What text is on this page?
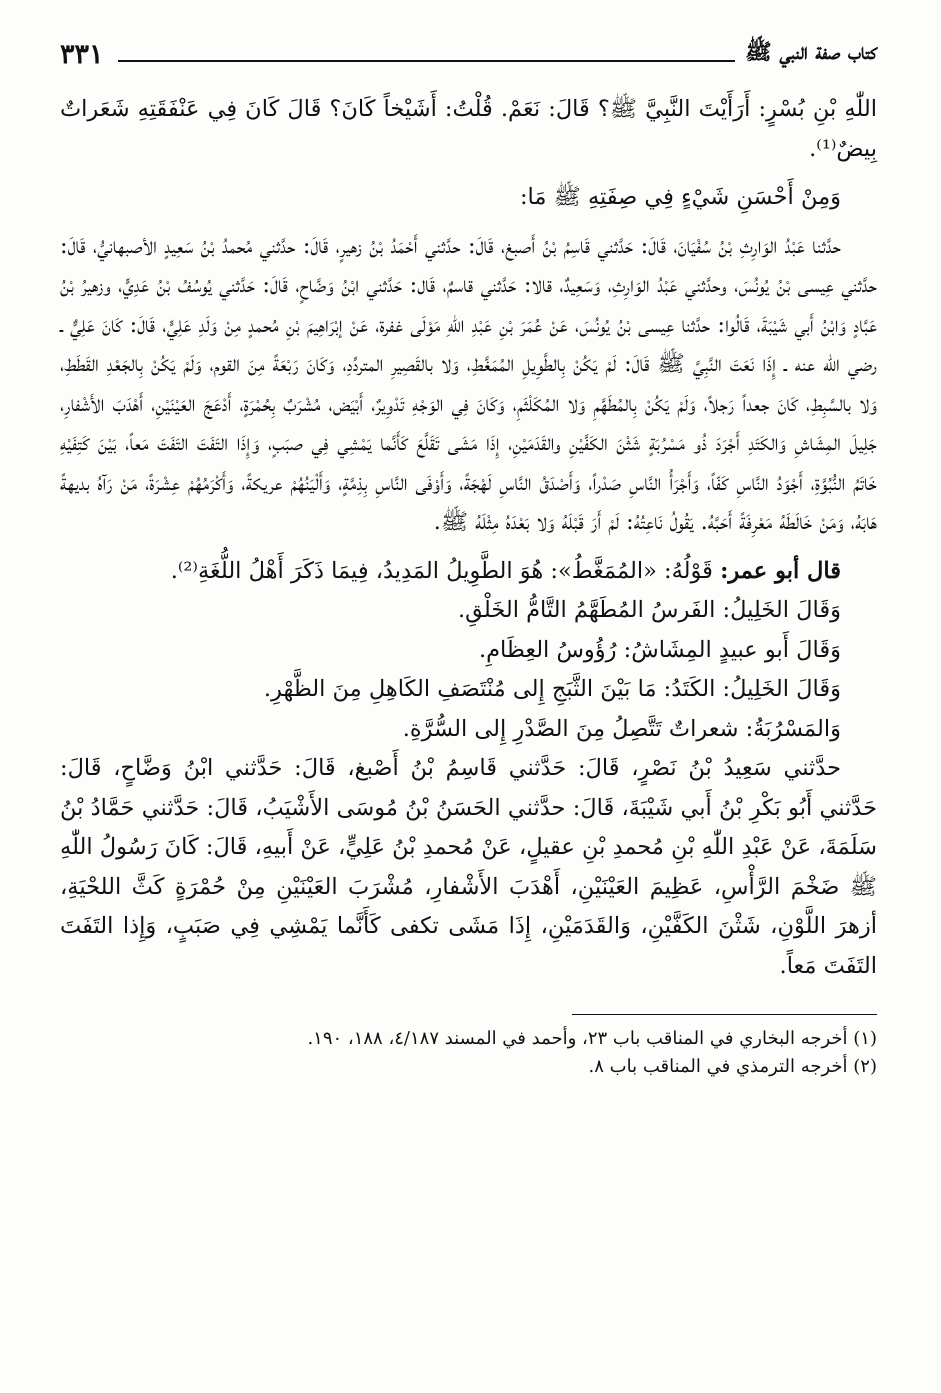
كتاب صفة النبي ﷺ
٣٣١

اللّٰهِ بْنِ بُسْرٍ: أَرَأَيْتَ النَّبِيَّ ﷺ؟ قَالَ: نَعَمْ. قُلْتُ: أَشَيْخاً كَانَ؟ قَالَ كَانَ فِي عَنْفَقَتِهِ شَعَراتٌ بِيضٌ⁽¹⁾.

وَمِنْ أَحْسَنِ شَيْءٍ فِي صِفَتِهِ ﷺ مَا:

حدَّثنا عَبْدُ الوَارِثِ بْنُ سُفْيَانَ، قَالَ: حَدَّثني قَاسِمُ بْنُ أَصبغ، قَالَ: حدَّثني أَحْمَدُ بْنُ زهيرٍ، قَالَ: حدَّثني مُحمدُ بْنُ سَعِيدٍ الأصبهانيُّ، قَالَ: حدَّثني عِيسى بْنُ يُونُسَ، وحدَّثني عَبْدُ الوَارِثِ، وَسَعِيدٌ، قالا: حَدَّثني قاسمٌ، قَال: حَدَّثني ابْنُ وَضَّاحٍ، قَالَ: حَدَّثني يُوسُفُ بْنُ عَدِيٍّ، وزهيرُ بْنُ عَبَّادٍ وَابْنُ أَبي شَيْبَةَ، قَالُوا: حدَّثنا عِيسى بْنُ يُونُسَ، عَنْ عُمَرَ بْنِ عَبْدِ اللّٰهِ مَوْلَى غفرة، عَنْ إبْرَاهِيمَ بْنِ مُحمدٍ مِنْ وَلَدِ عَلِيٍّ، قَالَ: كَانَ عَلِيٌّ ـ رضي الله عنه ـ إِذَا نَعَتَ النَّبِيَّ ﷺ قَالَ: لَمْ يَكُنْ بِالطَّوِيلِ المُمَغَّطِ، وَلا بالقَصِيرِ المتردِّدِ، وَكَانَ رَبْعَةً مِنَ القوم، وَلَمْ يَكُنْ بِالجَعْدِ القَطَطِ، وَلا بالسَّبِطِ، كَانَ جعداً رَجلاً، وَلَمْ يَكُنْ بِالمُطَهَّمِ وَلا المُكَلْثَمِ، وَكَانَ فِي الوَجْهِ تَدْوِيرٌ، أَبْيَض، مُشْرَبٌ بِحُمْرَةٍ، أَدْعَجَ العَيْنَيْنِ، أَهْدَبَ الأَشْفارِ، جَلِيلَ المِشَاشِ وَالكَتَدِ أَجْرَدَ ذُو مَسْرُبَةٍ شَثْنَ الكَفَّيْنِ والقَدَمَيْنِ، إِذَا مَشَى تَقَلَّعَ كَأَنَّما يَمْشِي فِي صبَبٍ، وَإِذَا التَفَتَ التَفَتَ مَعاً، بَيْنَ كَتِفَيْهِ خَاتَمُ النُّبُوَّةِ، أَجْوَدُ النَّاسِ كَفّاً، وَأَجْرَأُ النَّاسِ صَدْراً، وَأَصْدَقُ النَّاسِ لَهْجَةً، وَأَوْفَى النَّاسِ بِذِمَّةٍ، وَأَلْيَنُهُمْ عريكةً، وَأَكْرَمُهُمْ عِشْرَةً، مَنْ رَآهُ بديهةً هَابَهُ، وَمَنْ خَالَطَهُ مَعْرِفَةً أَحَبَّهُ. يَقُولُ نَاعِتُهُ: لَمْ أَرَ قَبْلَهُ وَلا بَعْدَهُ مِثْلَهُ ﷺ.

قال أبو عمر: قَوْلُهُ: «المُمَغَّطُ»: هُوَ الطَّوِيلُ المَدِيدُ، فِيمَا ذَكَرَ أَهْلُ اللُّغَةِ⁽²⁾.

وَقَالَ الخَلِيلُ: الفَرسُ المُطَهَّمُ التَّامُّ الخَلْقِ.

وَقَالَ أَبو عبيدٍ المِشَاشُ: رُؤُوسُ العِظَامِ.

وَقَالَ الخَلِيلُ: الكَتَدُ: مَا بَيْنَ الثَّبَجِ إِلى مُنْتَصَفِ الكَاهِلِ مِنَ الظَّهْرِ.

وَالمَسْرُبَةُ: شعراتٌ تَتَّصِلُ مِنَ الصَّدْرِ إِلى السُّرَّةِ.

حدَّثني سَعِيدُ بْنُ نَصْرٍ، قَالَ: حَدَّثني قَاسِمُ بْنُ أَصْبغ، قَالَ: حَدَّثني ابْنُ وَضَّاحٍ، قَالَ: حَدَّثني أَبُو بَكْرِ بْنُ أَبي شَيْبَةَ، قَالَ: حدَّثني الحَسَنُ بْنُ مُوسَى الأَشْيَبُ، قَالَ: حَدَّثني حَمَّادُ بْنُ سَلَمَةَ، عَنْ عَبْدِ اللّٰهِ بْنِ مُحمدِ بْنِ عقيلٍ، عَنْ مُحمدِ بْنُ عَلِيٍّ، عَنْ أَبيهِ، قَالَ: كَانَ رَسُولُ اللّٰهِ ﷺ ضَخْمَ الرَّأْسِ، عَظِيمَ العَيْنَيْنِ، أَهْدَبَ الأَشْفارِ، مُشْرَبَ العَيْنَيْنِ مِنْ حُمْرَةٍ كَثَّ اللحْيَةِ، أزهرَ اللَّوْنِ، شَثْنَ الكَفَّيْنِ، وَالقَدَمَيْنِ، إِذَا مَشَى تكفى كَأَنَّما يَمْشِي فِي صَبَبٍ، وَإِذا التَفَتَ التَفَتَ مَعاً.

(١) أخرجه البخاري في المناقب باب ٢٣، وأحمد في المسند ٤/١٨٧، ١٨٨، ١٩٠.

(٢) أخرجه الترمذي في المناقب باب ٨.
